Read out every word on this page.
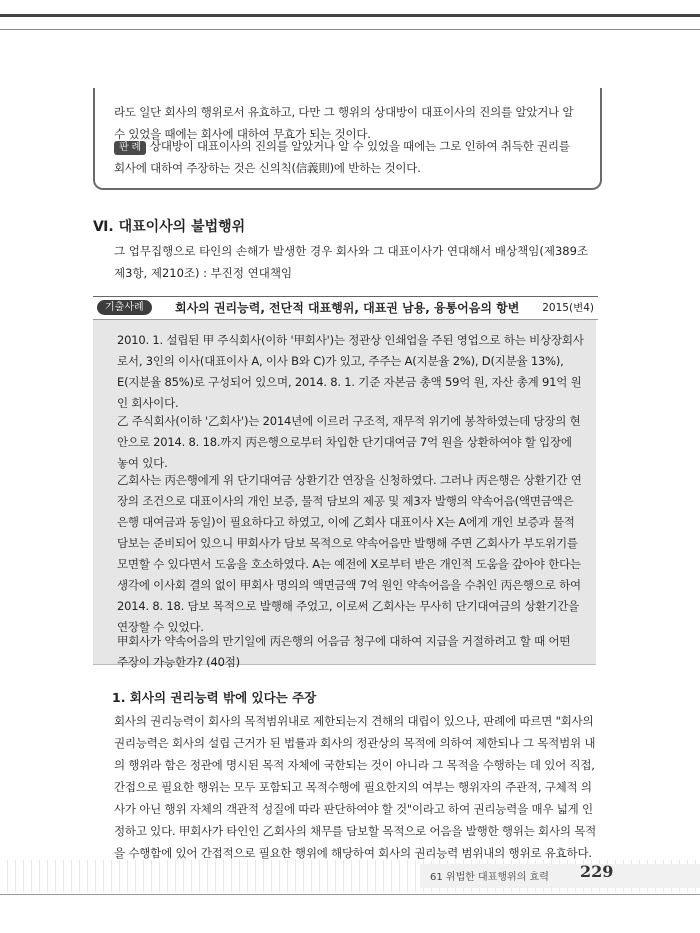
라도 일단 회사의 행위로서 유효하고, 다만 그 행위의 상대방이 대표이사의 진의를 알았거나 알 수 있었을 때에는 회사에 대하여 무효가 되는 것이다.
판 례 상대방이 대표이사의 진의를 알았거나 알 수 있었을 때에는 그로 인하여 취득한 권리를 회사에 대하여 주장하는 것은 신의칙(信義則)에 반하는 것이다.
Ⅵ. 대표이사의 불법행위
그 업무집행으로 타인의 손해가 발생한 경우 회사와 그 대표이사가 연대해서 배상책임(제389조 제3항, 제210조) : 부진정 연대책임
기출사례	회사의 권리능력, 전단적 대표행위, 대표권 남용, 융통어음의 항변 2015(변4)
2010. 1. 설립된 甲 주식회사(이하 '甲회사')는 정관상 인쇄업을 주된 영업으로 하는 비상장회사로서, 3인의 이사(대표이사 A, 이사 B와 C)가 있고, 주주는 A(지분율 2%), D(지분율 13%), E(지분율 85%)로 구성되어 있으며, 2014. 8. 1. 기준 자본금 총액 59억 원, 자산 총계 91억 원인 회사이다.
乙 주식회사(이하 '乙회사')는 2014년에 이르러 구조적, 재무적 위기에 봉착하였는데 당장의 현안으로 2014. 8. 18.까지 丙은행으로부터 차입한 단기대여금 7억 원을 상환하여야 할 입장에 놓여 있다.
乙회사는 丙은행에게 위 단기대여금 상환기간 연장을 신청하였다. 그러나 丙은행은 상환기간 연장의 조건으로 대표이사의 개인 보증, 물적 담보의 제공 및 제3자 발행의 약속어음(액면금액은 은행 대여금과 동일)이 필요하다고 하였고, 이에 乙회사 대표이사 X는 A에게 개인 보증과 물적 담보는 준비되어 있으니 甲회사가 담보 목적으로 약속어음만 발행해 주면 乙회사가 부도위기를 모면할 수 있다면서 도움을 호소하였다. A는 예전에 X로부터 받은 개인적 도움을 갚아야 한다는 생각에 이사회 결의 없이 甲회사 명의의 액면금액 7억 원인 약속어음을 수취인 丙은행으로 하여 2014. 8. 18. 담보 목적으로 발행해 주었고, 이로써 乙회사는 무사히 단기대여금의 상환기간을 연장할 수 있었다.
甲회사가 약속어음의 만기일에 丙은행의 어음금 청구에 대하여 지급을 거절하려고 할 때 어떤 주장이 가능한가? (40점)
1. 회사의 권리능력 밖에 있다는 주장
회사의 권리능력이 회사의 목적범위내로 제한되는지 견해의 대립이 있으나, 판례에 따르면 "회사의 권리능력은 회사의 설립 근거가 된 법률과 회사의 정관상의 목적에 의하여 제한되나 그 목적범위 내의 행위라 함은 정관에 명시된 목적 자체에 국한되는 것이 아니라 그 목적을 수행하는 데 있어 직접, 간접으로 필요한 행위는 모두 포함되고 목적수행에 필요한지의 여부는 행위자의 주관적, 구체적 의사가 아닌 행위 자체의 객관적 성질에 따라 판단하여야 할 것"이라고 하여 권리능력을 매우 넓게 인정하고 있다. 甲회사가 타인인 乙회사의 채무를 담보할 목적으로 어음을 발행한 행위는 회사의 목적을 수행함에 있어 간접적으로 필요한 행위에 해당하여 회사의 권리능력 범위내의 행위로 유효하다.
61 위법한 대표행위의 효력 229
